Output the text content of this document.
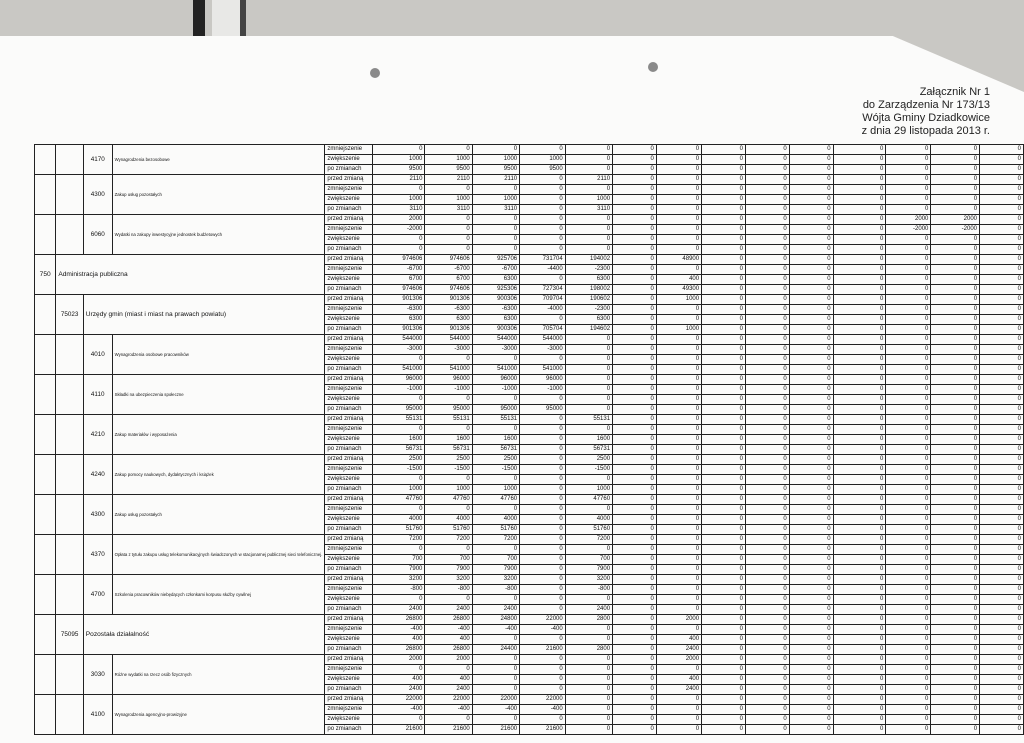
Załącznik Nr 1
do Zarządzenia Nr 173/13
Wójta Gminy Dziadkowice
z dnia 29 listopada 2013 r.
		4170	Wynagrodzenia bezosobowe	zmniejszenie	0	0	0	0	0	0	0	0	0	0	0	0	0	0
				zwiększenie	1000	1000	1000	1000	0	0	0	0	0	0	0	0	0	0
				po zmianach	9500	9500	9500	9500	0	0	0	0	0	0	0	0	0	0
		4300	Zakup usług pozostałych	przed zmianą	2110	2110	2110	0	2110	0	0	0	0	0	0	0	0	0
				zmniejszenie	0	0	0	0	0	0	0	0	0	0	0	0	0	0
				zwiększenie	1000	1000	1000	0	1000	0	0	0	0	0	0	0	0	0
				po zmianach	3110	3110	3110	0	3110	0	0	0	0	0	0	0	0	0
		6060	Wydatki na zakupy inwestycyjne jednostek budżetowych	przed zmianą	2000	0	0	0	0	0	0	0	0	0	0	2000	2000	0
				zmniejszenie	-2000	0	0	0	0	0	0	0	0	0	0	-2000	-2000	0
				zwiększenie	0	0	0	0	0	0	0	0	0	0	0	0	0	0
				po zmianach	0	0	0	0	0	0	0	0	0	0	0	0	0	0
750	Administracja publiczna			przed zmianą	974606	974606	925706	731704	194002	0	48900	0	0	0	0	0	0	0
				zmniejszenie	-6700	-6700	-6700	-4400	-2300	0	0	0	0	0	0	0	0	0
				zwiększenie	6700	6700	6300	0	6300	0	400	0	0	0	0	0	0	0
				po zmianach	974606	974606	925306	727304	198002	0	49300	0	0	0	0	0	0	0
	75023	Urzędy gmin (miast i miast na prawach powiatu)		przed zmianą	901306	901306	900306	709704	190602	0	1000	0	0	0	0	0	0	0
				zmniejszenie	-6300	-6300	-6300	-4000	-2300	0	0	0	0	0	0	0	0	0
				zwiększenie	6300	6300	6300	0	6300	0	0	0	0	0	0	0	0	0
				po zmianach	901306	901306	900306	705704	194602	0	1000	0	0	0	0	0	0	0
		4010	Wynagrodzenia osobowe pracowników	przed zmianą	544000	544000	544000	544000	0	0	0	0	0	0	0	0	0	0
				zmniejszenie	-3000	-3000	-3000	-3000	0	0	0	0	0	0	0	0	0	0
				zwiększenie	0	0	0	0	0	0	0	0	0	0	0	0	0	0
				po zmianach	541000	541000	541000	541000	0	0	0	0	0	0	0	0	0	0
		4110	Składki na ubezpieczenia społeczne	przed zmianą	96000	96000	96000	96000	0	0	0	0	0	0	0	0	0	0
				zmniejszenie	-1000	-1000	-1000	-1000	0	0	0	0	0	0	0	0	0	0
				zwiększenie	0	0	0	0	0	0	0	0	0	0	0	0	0	0
				po zmianach	95000	95000	95000	95000	0	0	0	0	0	0	0	0	0	0
		4210	Zakup materiałów i wyposażenia	przed zmianą	55131	55131	55131	0	55131	0	0	0	0	0	0	0	0	0
				zmniejszenie	0	0	0	0	0	0	0	0	0	0	0	0	0	0
				zwiększenie	1600	1600	1600	0	1600	0	0	0	0	0	0	0	0	0
				po zmianach	56731	56731	56731	0	56731	0	0	0	0	0	0	0	0	0
		4240	Zakup pomocy naukowych, dydaktycznych i książek	przed zmianą	2500	2500	2500	0	2500	0	0	0	0	0	0	0	0	0
				zmniejszenie	-1500	-1500	-1500	0	-1500	0	0	0	0	0	0	0	0	0
				zwiększenie	0	0	0	0	0	0	0	0	0	0	0	0	0	0
				po zmianach	1000	1000	1000	0	1000	0	0	0	0	0	0	0	0	0
		4300	Zakup usług pozostałych	przed zmianą	47760	47760	47760	0	47760	0	0	0	0	0	0	0	0	0
				zmniejszenie	0	0	0	0	0	0	0	0	0	0	0	0	0	0
				zwiększenie	4000	4000	4000	0	4000	0	0	0	0	0	0	0	0	0
				po zmianach	51760	51760	51760	0	51760	0	0	0	0	0	0	0	0	0
		4370	Opłata z tytułu zakupu usług telekomunikacyjnych świadczonych w stacjonarnej publicznej sieci telefonicznej.	przed zmianą	7200	7200	7200	0	7200	0	0	0	0	0	0	0	0	0
				zmniejszenie	0	0	0	0	0	0	0	0	0	0	0	0	0	0
				zwiększenie	700	700	700	0	700	0	0	0	0	0	0	0	0	0
				po zmianach	7900	7900	7900	0	7900	0	0	0	0	0	0	0	0	0
		4700	Szkolenia pracowników niebędących członkami korpusu służby cywilnej	przed zmianą	3200	3200	3200	0	3200	0	0	0	0	0	0	0	0	0
				zmniejszenie	-800	-800	-800	0	-800	0	0	0	0	0	0	0	0	0
				zwiększenie	0	0	0	0	0	0	0	0	0	0	0	0	0	0
				po zmianach	2400	2400	2400	0	2400	0	0	0	0	0	0	0	0	0
	75095	Pozostała działalność		przed zmianą	26800	26800	24800	22000	2800	0	2000	0	0	0	0	0	0	0
				zmniejszenie	-400	-400	-400	-400	0	0	0	0	0	0	0	0	0	0
				zwiększenie	400	400	0	0	0	0	400	0	0	0	0	0	0	0
				po zmianach	26800	26800	24400	21600	2800	0	2400	0	0	0	0	0	0	0
		3030	Różne wydatki na rzecz osób fizycznych	przed zmianą	2000	2000	0	0	0	0	2000	0	0	0	0	0	0	0
				zmniejszenie	0	0	0	0	0	0	0	0	0	0	0	0	0	0
				zwiększenie	400	400	0	0	0	0	400	0	0	0	0	0	0	0
				po zmianach	2400	2400	0	0	0	0	2400	0	0	0	0	0	0	0
		4100	Wynagrodzenia agencyjno-prowizyjne	przed zmianą	22000	22000	22000	22000	0	0	0	0	0	0	0	0	0	0
				zmniejszenie	-400	-400	-400	-400	0	0	0	0	0	0	0	0	0	0
				zwiększenie	0	0	0	0	0	0	0	0	0	0	0	0	0	0
				po zmianach	21600	21600	21600	21600	0	0	0	0	0	0	0	0	0	0
